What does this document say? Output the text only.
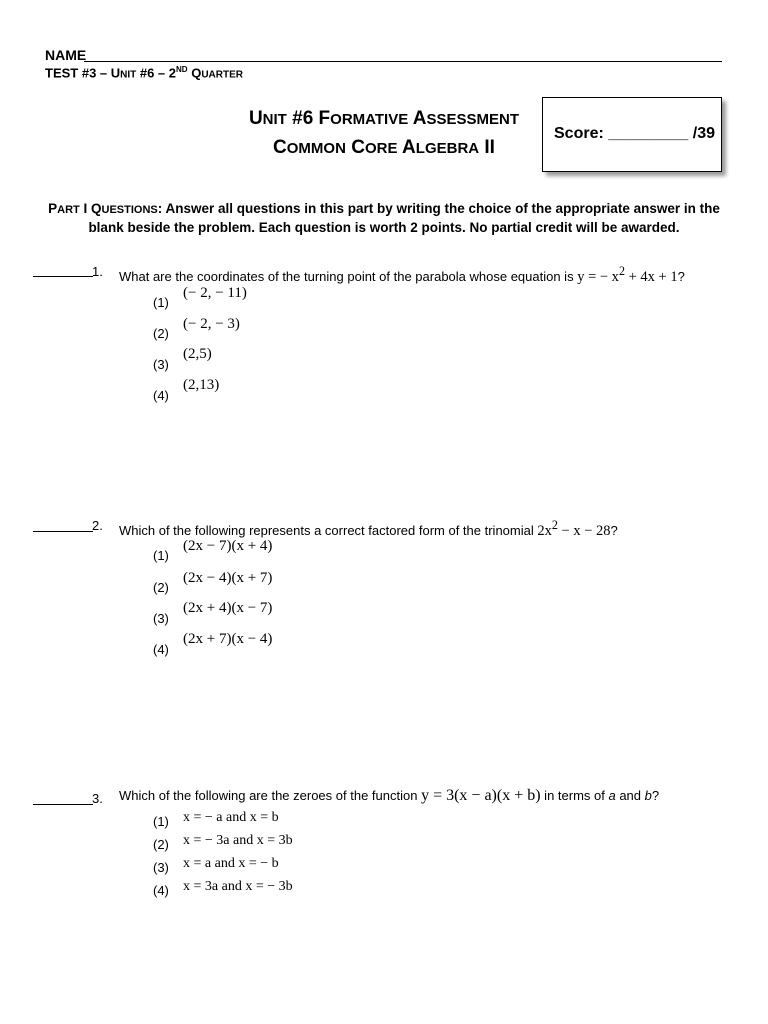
NAME
TEST #3 – UNIT #6 – 2ND QUARTER
UNIT #6 FORMATIVE ASSESSMENT
COMMON CORE ALGEBRA II
Score: _________ /39
PART I QUESTIONS: Answer all questions in this part by writing the choice of the appropriate answer in the blank beside the problem. Each question is worth 2 points. No partial credit will be awarded.
1. What are the coordinates of the turning point of the parabola whose equation is y = − $x^2 + 4x + 1$?
(1)
(− 2, − 11)
(2)
(− 2, − 3)
(3)
(2,5)
(4)
(2,13)
2. Which of the following represents a correct factored form of the trinomial $2x^2 - x - 28$?
(1)
(2x − 7)(x + 4)
(2)
(2x − 4)(x + 7)
(3)
(2x + 4)(x − 7)
(4)
(2x + 7)(x − 4)
3. Which of the following are the zeroes of the function y = 3(x − a)(x + b) in terms of a and b?
(1) x = − a and x = b
(2) x = − 3a and x = 3b
(3) x = a and x = − b
(4) x = 3a and x = − 3b
